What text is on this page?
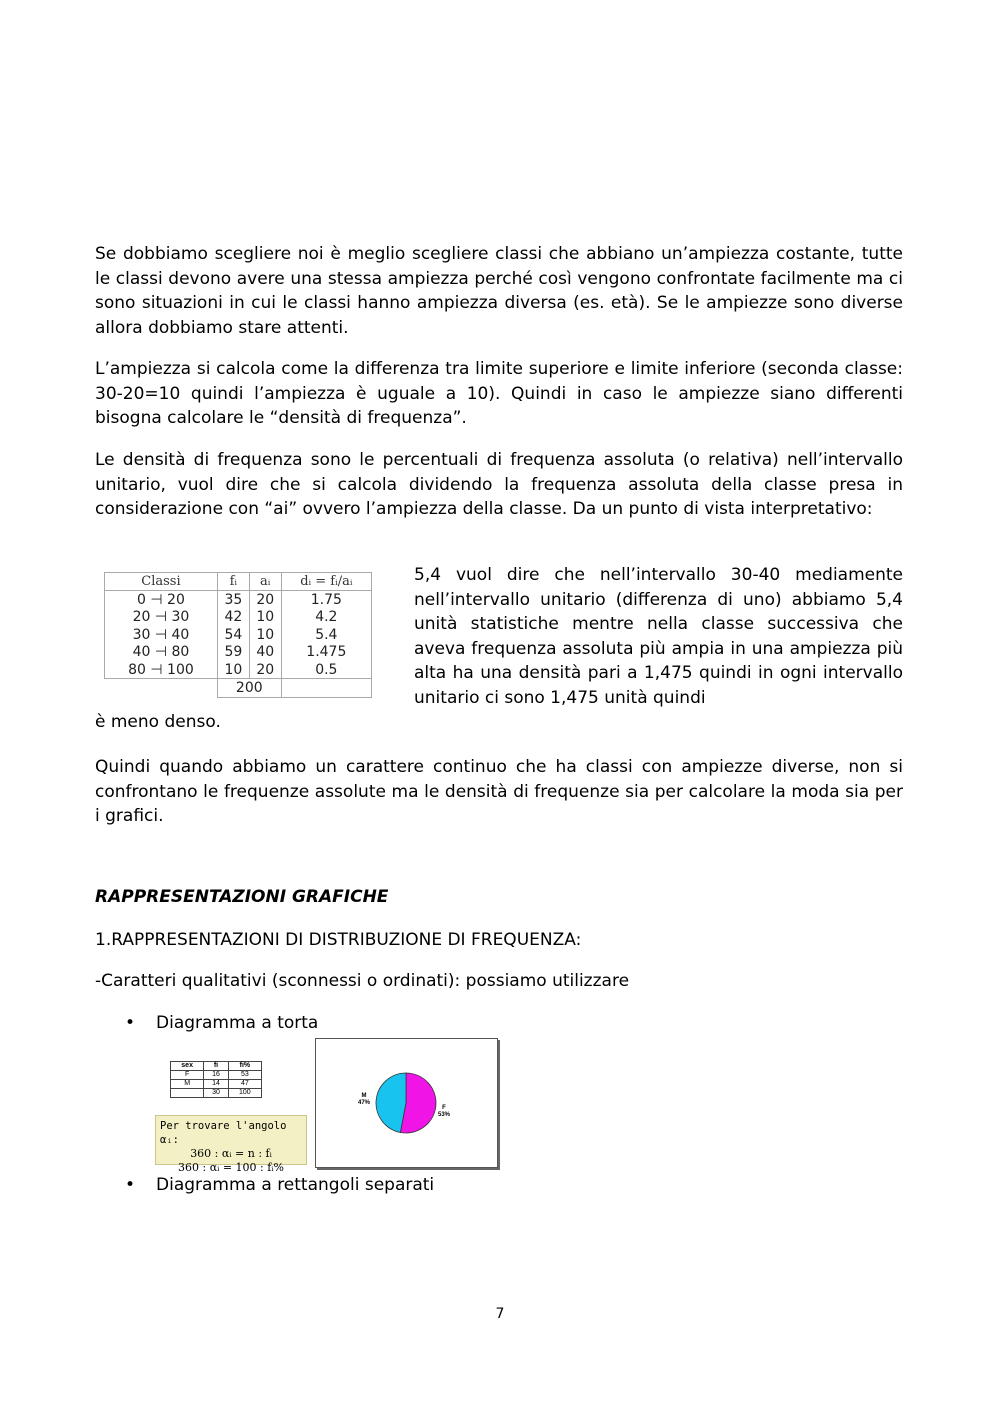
Se dobbiamo scegliere noi è meglio scegliere classi che abbiano un’ampiezza costante, tutte le classi devono avere una stessa ampiezza perché così vengono confrontate facilmente ma ci sono situazioni in cui le classi hanno ampiezza diversa (es. età). Se le ampiezze sono diverse allora dobbiamo stare attenti.

L’ampiezza si calcola come la differenza tra limite superiore e limite inferiore (seconda classe: 30-20=10 quindi l’ampiezza è uguale a 10). Quindi in caso le ampiezze siano differenti bisogna calcolare le “densità di frequenza”.

Le densità di frequenza sono le percentuali di frequenza assoluta (o relativa) nell’intervallo unitario, vuol dire che si calcola dividendo la frequenza assoluta della classe presa in considerazione con “ai” ovvero l’ampiezza della classe. Da un punto di vista interpretativo:

Classi	fᵢ	aᵢ	dᵢ = fᵢ/aᵢ
0 ⊣ 20	35	20	1.75
20 ⊣ 30	42	10	4.2
30 ⊣ 40	54	10	5.4
40 ⊣ 80	59	40	1.475
80 ⊣ 100	10	20	0.5
	200		

5,4 vuol dire che nell’intervallo 30-40 mediamente nell’intervallo unitario (differenza di uno) abbiamo 5,4 unità statistiche mentre nella classe successiva che aveva frequenza assoluta più ampia in una ampiezza più alta ha una densità pari a 1,475 quindi in ogni intervallo unitario ci sono 1,475 unità quindi

è meno denso.

Quindi quando abbiamo un carattere continuo che ha classi con ampiezze diverse, non si confrontano le frequenze assolute ma le densità di frequenze sia per calcolare la moda sia per i grafici.

RAPPRESENTAZIONI GRAFICHE

1.RAPPRESENTAZIONI DI DISTRIBUZIONE DI FREQUENZA:

-Caratteri qualitativi (sconnessi o ordinati): possiamo utilizzare

• Diagramma a torta
sex	fi	fi%
F	16	53
M	14	47
	30	100
Per trovare l'angolo αᵢ:
360 : αᵢ = n : fᵢ
360 : αᵢ = 100 : fᵢ%
M
47%
F
53%
• Diagramma a rettangoli separati
7
